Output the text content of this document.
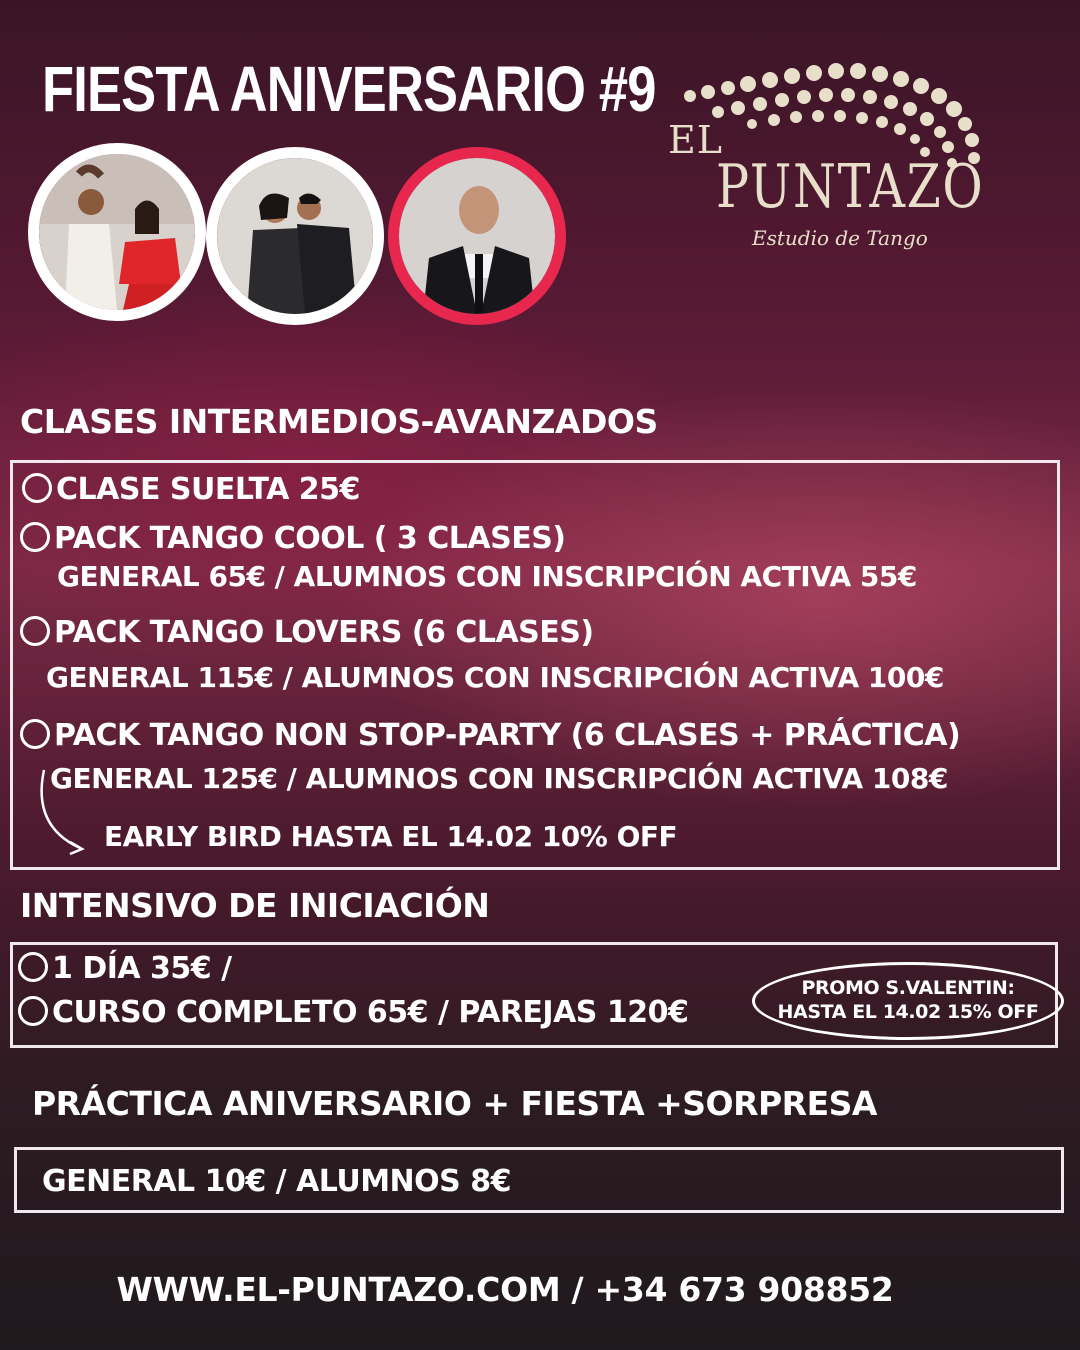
FIESTA ANIVERSARIO #9
EL
PUNTAZO
Estudio de Tango
CLASES INTERMEDIOS-AVANZADOS
CLASE SUELTA 25€
PACK TANGO COOL ( 3 CLASES)
GENERAL 65€ / ALUMNOS CON INSCRIPCIÓN ACTIVA 55€
PACK TANGO LOVERS (6 CLASES)
GENERAL 115€ / ALUMNOS CON INSCRIPCIÓN ACTIVA 100€
PACK TANGO NON STOP-PARTY (6 CLASES + PRÁCTICA)
GENERAL 125€ / ALUMNOS CON INSCRIPCIÓN ACTIVA 108€
EARLY BIRD HASTA EL 14.02 10% OFF
INTENSIVO DE INICIACIÓN
1 DÍA 35€ /
CURSO COMPLETO 65€ / PAREJAS 120€
PROMO S.VALENTIN:
HASTA EL 14.02 15% OFF
PRÁCTICA ANIVERSARIO + FIESTA +SORPRESA
GENERAL 10€ / ALUMNOS 8€
WWW.EL-PUNTAZO.COM / +34 673 908852
